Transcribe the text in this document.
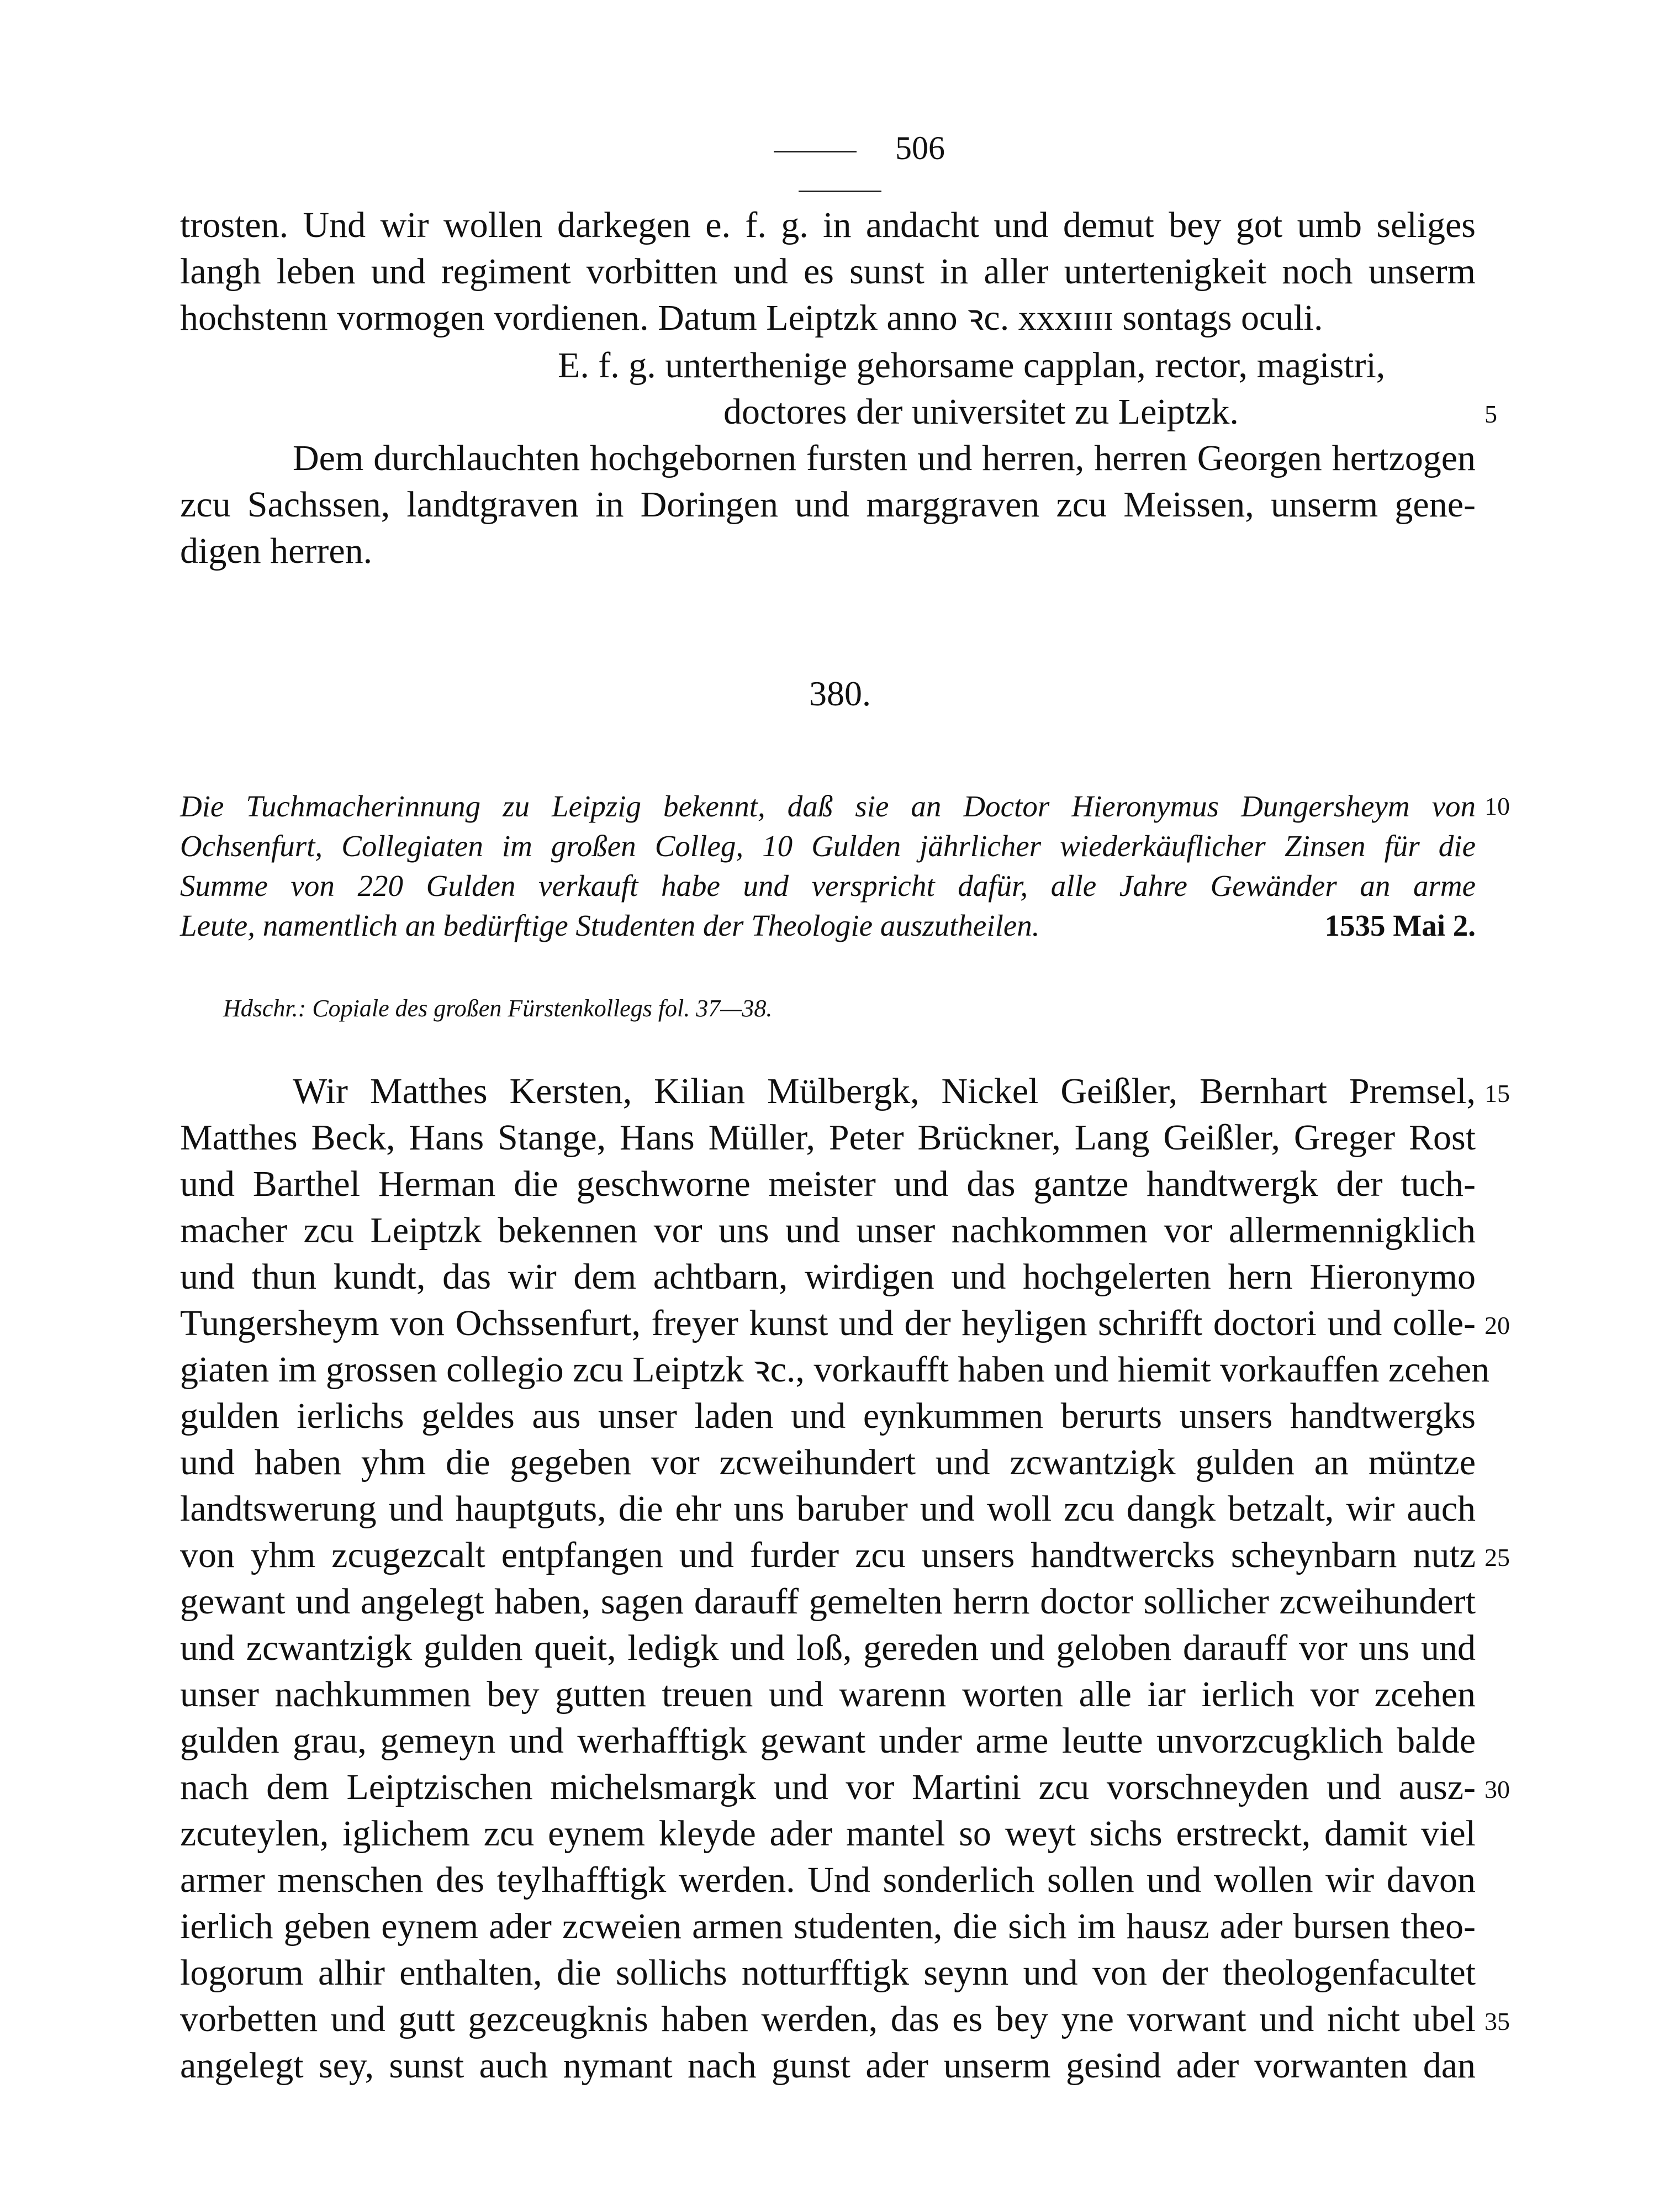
506
trosten. Und wir wollen darkegen e. f. g. in andacht und demut bey got umb seliges
langh leben und regiment vorbitten und es sunst in aller untertenigkeit noch unserm
hochstenn vormogen vordienen. Datum Leiptzk anno ꝛc. xxxɪɪɪɪ sontags oculi.
E. f. g. unterthenige gehorsame capplan, rector, magistri,
doctores der universitet zu Leiptzk.	5
Dem durchlauchten hochgebornen fursten und herren, herren Georgen hertzogen
zcu Sachssen, landtgraven in Doringen und marggraven zcu Meissen, unserm gene-
digen herren.
380.
Die Tuchmacherinnung zu Leipzig bekennt, daß sie an Doctor Hieronymus Dungersheym von 10
Ochsenfurt, Collegiaten im großen Colleg, 10 Gulden jährlicher wiederkäuflicher Zinsen für die
Summe von 220 Gulden verkauft habe und verspricht dafür, alle Jahre Gewänder an arme
Leute, namentlich an bedürftige Studenten der Theologie auszutheilen.	1535 Mai 2.
Hdschr.: Copiale des großen Fürstenkollegs fol. 37—38.
Wir Matthes Kersten, Kilian Mülbergk, Nickel Geißler, Bernhart Premsel, 15
Matthes Beck, Hans Stange, Hans Müller, Peter Brückner, Lang Geißler, Greger Rost
und Barthel Herman die geschworne meister und das gantze handtwergk der tuch-
macher zcu Leiptzk bekennen vor uns und unser nachkommen vor allermennigklich
und thun kundt, das wir dem achtbarn, wirdigen und hochgelerten hern Hieronymo
Tungersheym von Ochssenfurt, freyer kunst und der heyligen schrifft doctori und colle- 20
giaten im grossen collegio zcu Leiptzk ꝛc., vorkaufft haben und hiemit vorkauffen zcehen
gulden ierlichs geldes aus unser laden und eynkummen berurts unsers handtwergks
und haben yhm die gegeben vor zcweihundert und zcwantzigk gulden an müntze
landtswerung und hauptguts, die ehr uns baruber und woll zcu dangk betzalt, wir auch
von yhm zcugezcalt entpfangen und furder zcu unsers handtwercks scheynbarn nutz 25
gewant und angelegt haben, sagen darauff gemelten herrn doctor sollicher zcweihundert
und zcwantzigk gulden queit, ledigk und loß, gereden und geloben darauff vor uns und
unser nachkummen bey gutten treuen und warenn worten alle iar ierlich vor zcehen
gulden grau, gemeyn und werhafftigk gewant under arme leutte unvorzcugklich balde
nach dem Leiptzischen michelsmargk und vor Martini zcu vorschneyden und ausz- 30
zcuteylen, iglichem zcu eynem kleyde ader mantel so weyt sichs erstreckt, damit viel
armer menschen des teylhafftigk werden. Und sonderlich sollen und wollen wir davon
ierlich geben eynem ader zcweien armen studenten, die sich im hausz ader bursen theo-
logorum alhir enthalten, die sollichs notturfftigk seynn und von der theologenfacultet
vorbetten und gutt gezceugknis haben werden, das es bey yne vorwant und nicht ubel 35
angelegt sey, sunst auch nymant nach gunst ader unserm gesind ader vorwanten dan
